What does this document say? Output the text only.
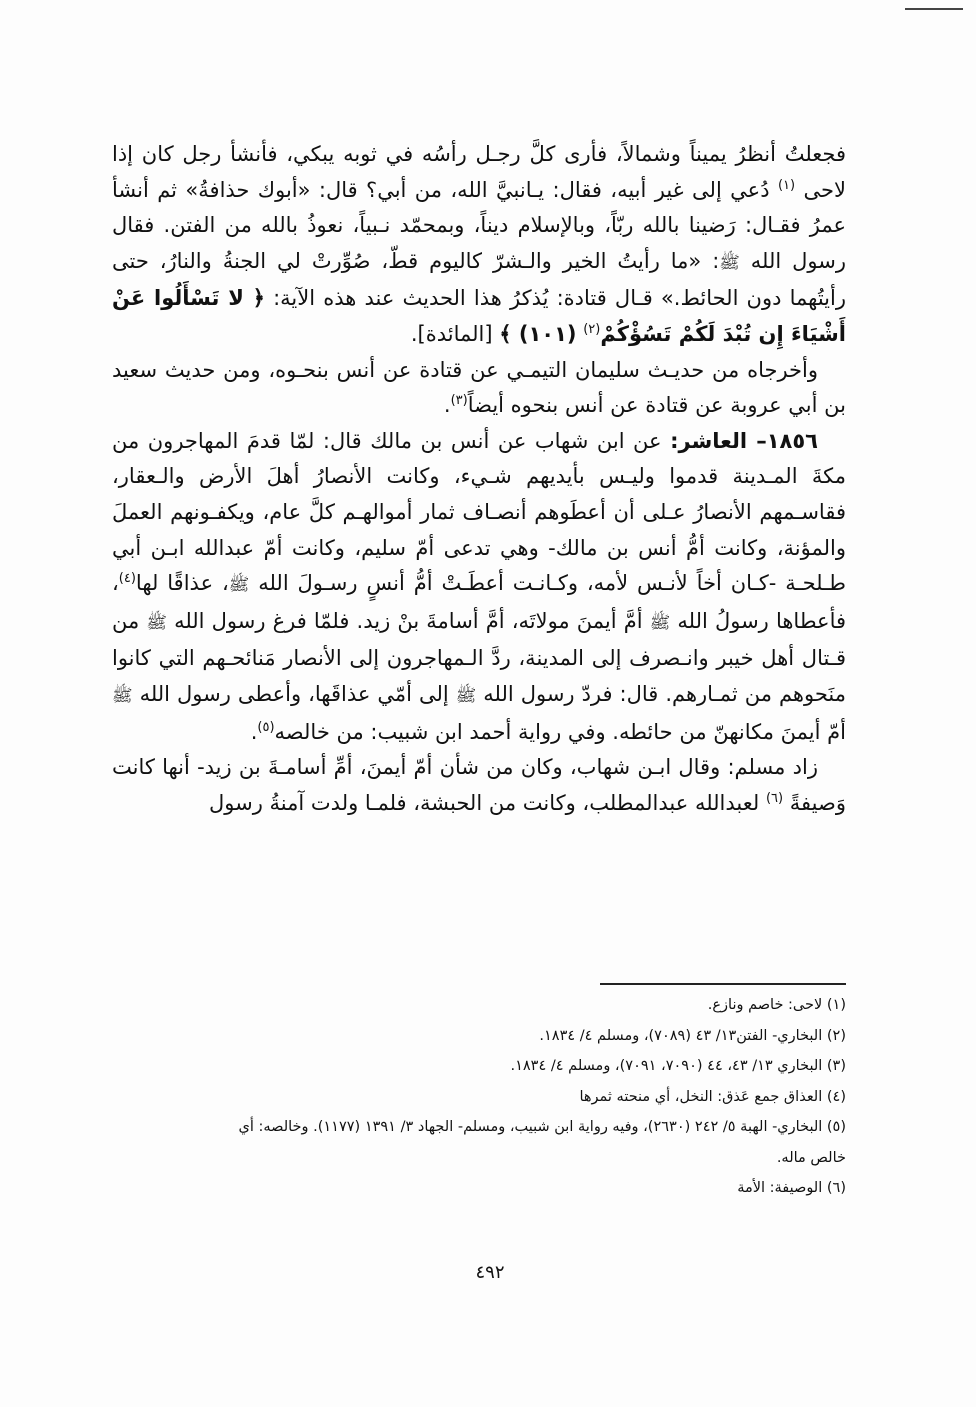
فجعلتُ أنظرُ يميناً وشمالاً، فأرى كلَّ رجـل رأسُه في ثوبه يبكي، فأنشأ رجل كان إذا لاحى $^{(١)}$ دُعي إلى غير أبيه، فقال: يـانبيَّ الله، من أبي؟ قال: «أبوك حذافةُ» ثم أنشأ عمرُ فقـال: رَضينا بالله ربّاً، وبالإسلام ديناً، وبمحمّد نـبياً، نعوذُ بالله من الفتن. فقال رسول الله ﷺ: «ما رأيتُ الخير والـشرّ كاليوم قطّ، صُوِّرتْ لي الجنةُ والنارُ، حتى رأيتُهما دون الحائط.» قـال قتادة: يُذكرُ هذا الحديث عند هذه الآية: ﴿ لا تَسْأَلُوا عَنْ أَشْيَاءَ إِن تُبْدَ لَكُمْ تَسُؤْكُمْ$^{(٢)}$ (١٠١) ﴾ [المائدة].

وأخرجاه من حديـث سليمان التيمـي عن قتادة عن أنس بنحـوه، ومن حديث سعيد بن أبي عروبة عن قتادة عن أنس بنحوه أيضاً$^{(٣)}$.

١٨٥٦– العاشر: عن ابن شهاب عن أنس بن مالك قال: لمّا قدمَ المهاجرون من مكةَ المـدينة قدموا وليـس بأيديهم شـيء، وكانت الأنصارُ أهلَ الأرض والـعقار، فقاسـمهم الأنصارُ عـلى أن أعطَوهم أنصـاف ثمار أموالهـم كلَّ عام، ويكفـونهم العملَ والمؤنة، وكانت أمُّ أنس بن مالك- وهي تدعى أمّ سليم، وكانت أمّ عبدالله ابـن أبي طـلحـة -كـان أخاً لأنـس لأمه، وكـانـت أعطَـتْ أمُّ أنسٍ رسـولَ الله ﷺ، عذاقًا لها$^{(٤)}$، فأعطاها رسولُ الله ﷺ أمَّ أيمنَ مولاتَه، أمَّ أسامةَ بنْ زيد. فلمّا فرغ رسول الله ﷺ من قـتال أهل خيبر وانـصرف إلى المدينة، ردَّ الـمهاجرون إلى الأنصار مَنائحـهم التي كانوا منَحوهم من ثمـارهم. قال: فردّ رسول الله ﷺ إلى أمّي عذاقَها، وأعطى رسول الله ﷺ أمّ أيمنَ مكانهنّ من حائطه. وفي رواية أحمد ابن شبيب: من خالصه$^{(٥)}$.

زاد مسلم: وقال ابـن شهاب، وكان من شأن أمّ أيمنَ، أمِّ أسامـةَ بن زيد- أنها كانت وَصيفةً $^{(٦)}$ لعبدالله عبدالمطلب، وكانت من الحبشة، فلمـا ولدت آمنةُ رسول

(١) لاحى: خاصم ونازع.

(٢) البخاري- الفتن١٣/ ٤٣ (٧٠٨٩)، ومسلم ٤/ ١٨٣٤.

(٣) البخاري ١٣/ ٤٣، ٤٤ (٧٠٩٠، ٧٠٩١)، ومسلم ٤/ ١٨٣٤.

(٤) العذاق جمع عَذق: النخل، أي منحته ثمرها

(٥) البخاري- الهبة ٥/ ٢٤٢ (٢٦٣٠)، وفيه رواية ابن شبيب، ومسلم- الجهاد ٣/ ١٣٩١ (١١٧٧). وخالصه: أي

خالص ماله.

(٦) الوصيفة: الأمة

٤٩٢
